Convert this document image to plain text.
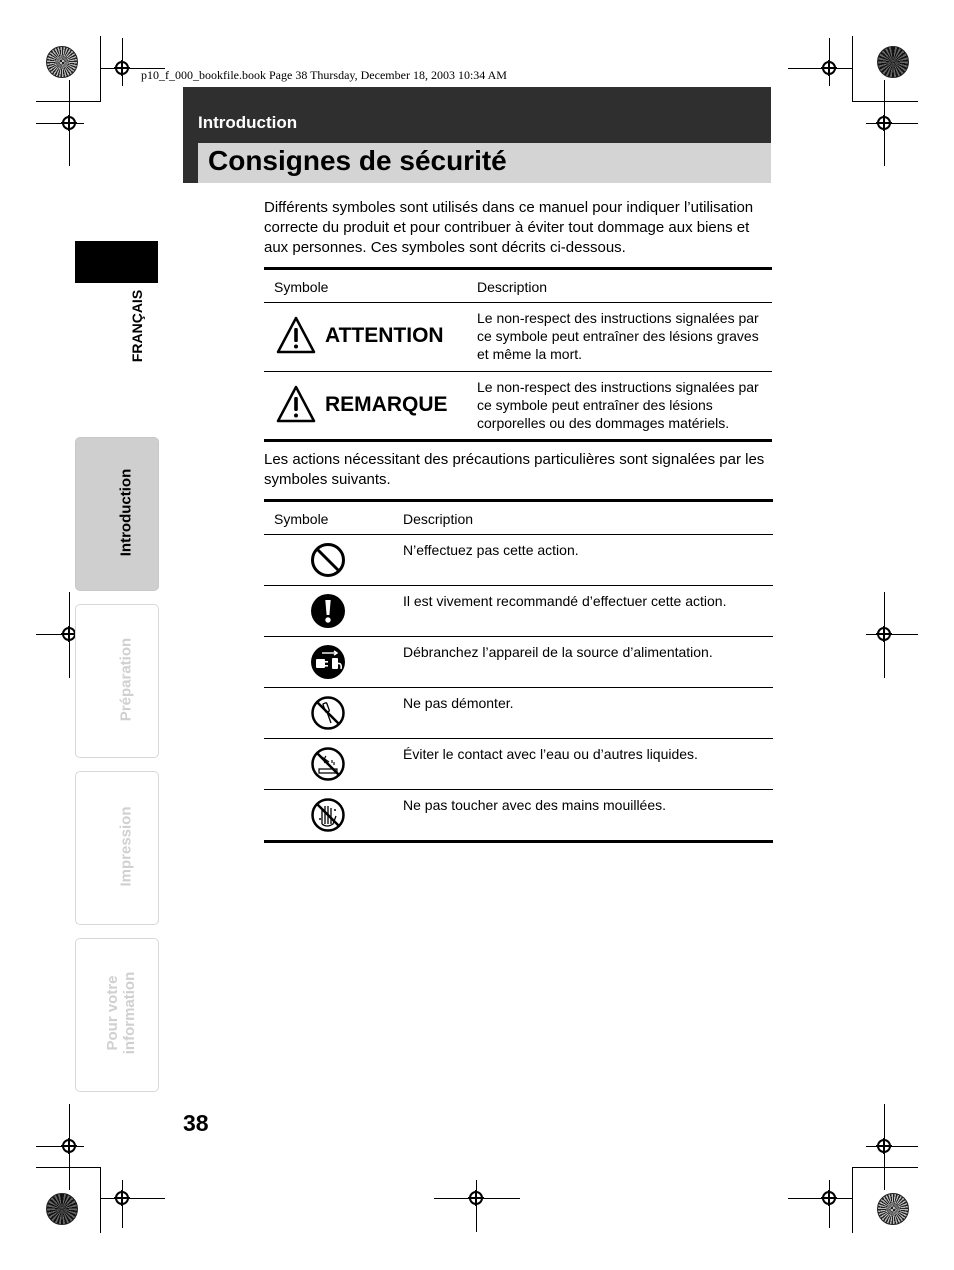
p10_f_000_bookfile.book Page 38 Thursday, December 18, 2003 10:34 AM
Introduction
Consignes de sécurité
FRANÇAIS
Introduction
Préparation
Impression
Pour votre information
Différents symboles sont utilisés dans ce manuel pour indiquer l’utilisation correcte du produit et pour contribuer à éviter tout dommage aux biens et aux personnes. Ces symboles sont décrits ci-dessous.
Symbole	Description
ATTENTION
Le non-respect des instructions signalées par ce symbole peut entraîner des lésions graves et même la mort.
REMARQUE
Le non-respect des instructions signalées par ce symbole peut entraîner des lésions corporelles ou des dommages matériels.
Les actions nécessitant des précautions particulières sont signalées par les symboles suivants.
Symbole	Description
N’effectuez pas cette action.
Il est vivement recommandé d’effectuer cette action.
Débranchez l’appareil de la source d’alimentation.
Ne pas démonter.
Éviter le contact avec l’eau ou d’autres liquides.
Ne pas toucher avec des mains mouillées.
38
